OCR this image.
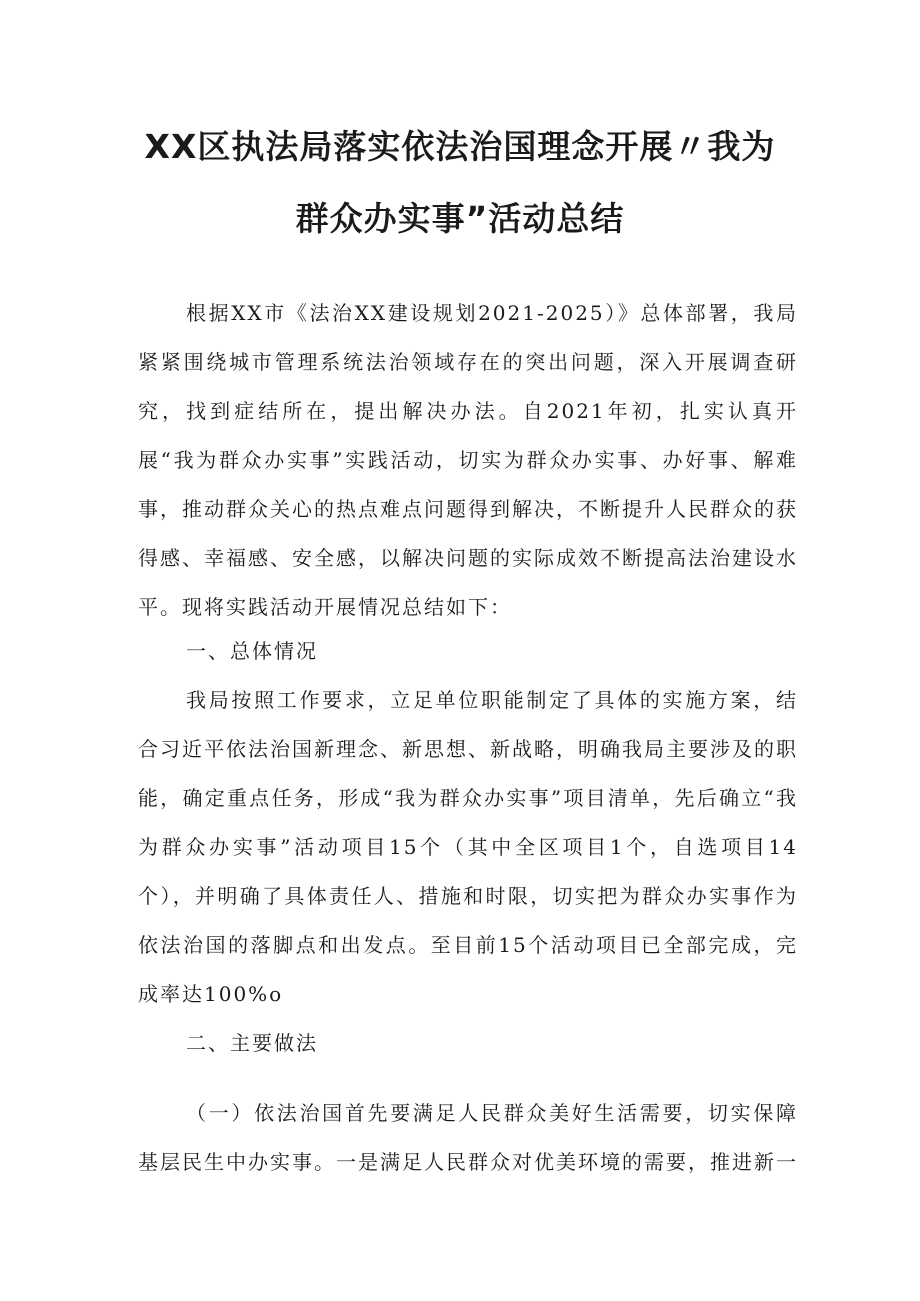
XX区执法局落实依法治国理念开展〃我为
群众办实事”活动总结

根据XX市《法治XX建设规划2021-2025）》总体部署，我局紧紧围绕城市管理系统法治领域存在的突出问题，深入开展调查研究，找到症结所在，提出解决办法。自2021年初，扎实认真开展“我为群众办实事”实践活动，切实为群众办实事、办好事、解难事，推动群众关心的热点难点问题得到解决，不断提升人民群众的获得感、幸福感、安全感，以解决问题的实际成效不断提高法治建设水平。现将实践活动开展情况总结如下：

一、总体情况

我局按照工作要求，立足单位职能制定了具体的实施方案，结合习近平依法治国新理念、新思想、新战略，明确我局主要涉及的职能，确定重点任务，形成“我为群众办实事”项目清单，先后确立“我为群众办实事”活动项目15个（其中全区项目1个，自选项目14个），并明确了具体责任人、措施和时限，切实把为群众办实事作为依法治国的落脚点和出发点。至目前15个活动项目已全部完成，完成率达100%o

二、主要做法

（一）依法治国首先要满足人民群众美好生活需要，切实保障基层民生中办实事。一是满足人民群众对优美环境的需要，推进新一
